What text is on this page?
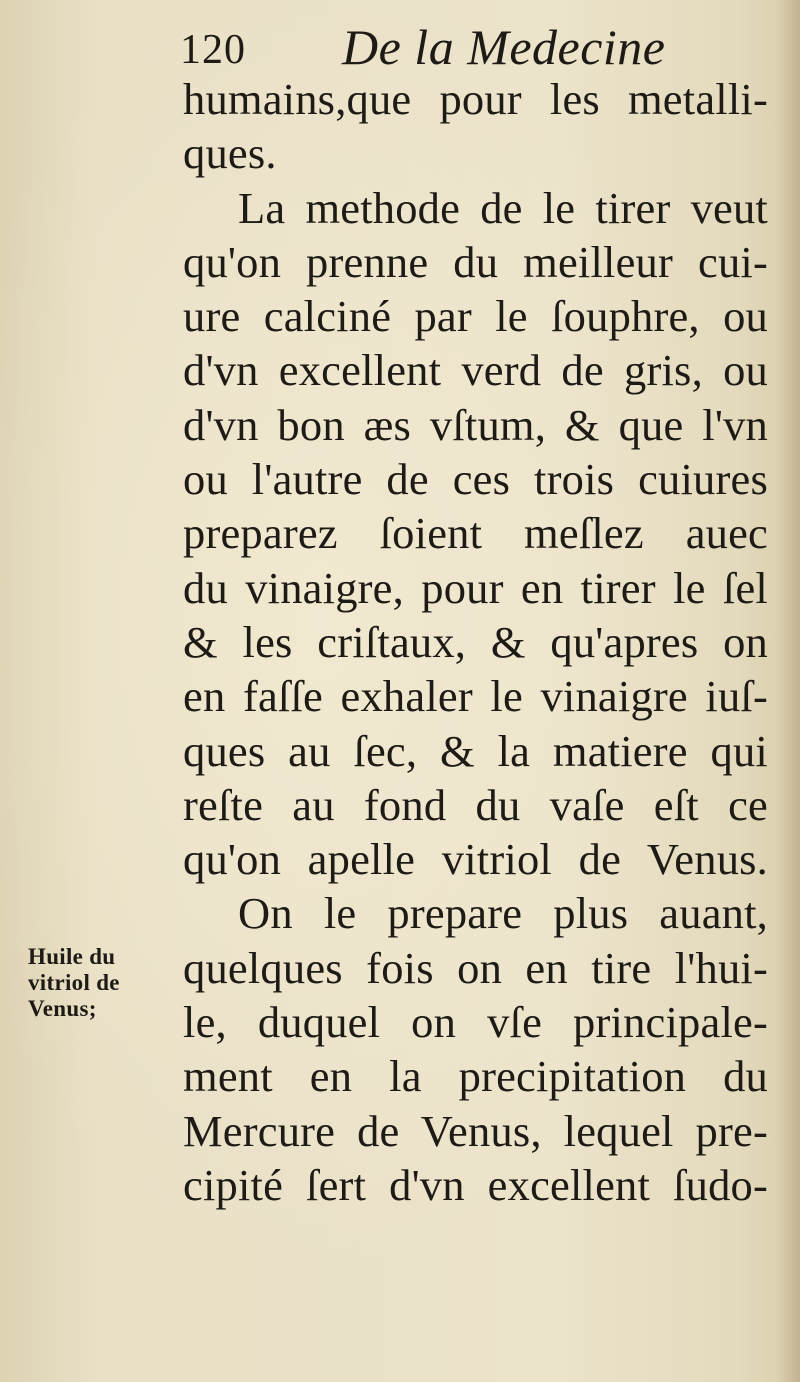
120 De la Medecine
Huile du
vitriol de
Venus;
humains,que pour les metalli-
ques.
La methode de le tirer veut
qu'on prenne du meilleur cui-
ure calciné par le ſouphre, ou
d'vn excellent verd de gris, ou
d'vn bon æs vſtum, & que l'vn
ou l'autre de ces trois cuiures
preparez ſoient meſlez auec
du vinaigre, pour en tirer le ſel
& les criſtaux, & qu'apres on
en faſſe exhaler le vinaigre iuſ-
ques au ſec, & la matiere qui
reſte au fond du vaſe eſt ce
qu'on apelle vitriol de Venus.
On le prepare plus auant,
quelques fois on en tire l'hui-
le, duquel on vſe principale-
ment en la precipitation du
Mercure de Venus, lequel pre-
cipité ſert d'vn excellent ſudo-
